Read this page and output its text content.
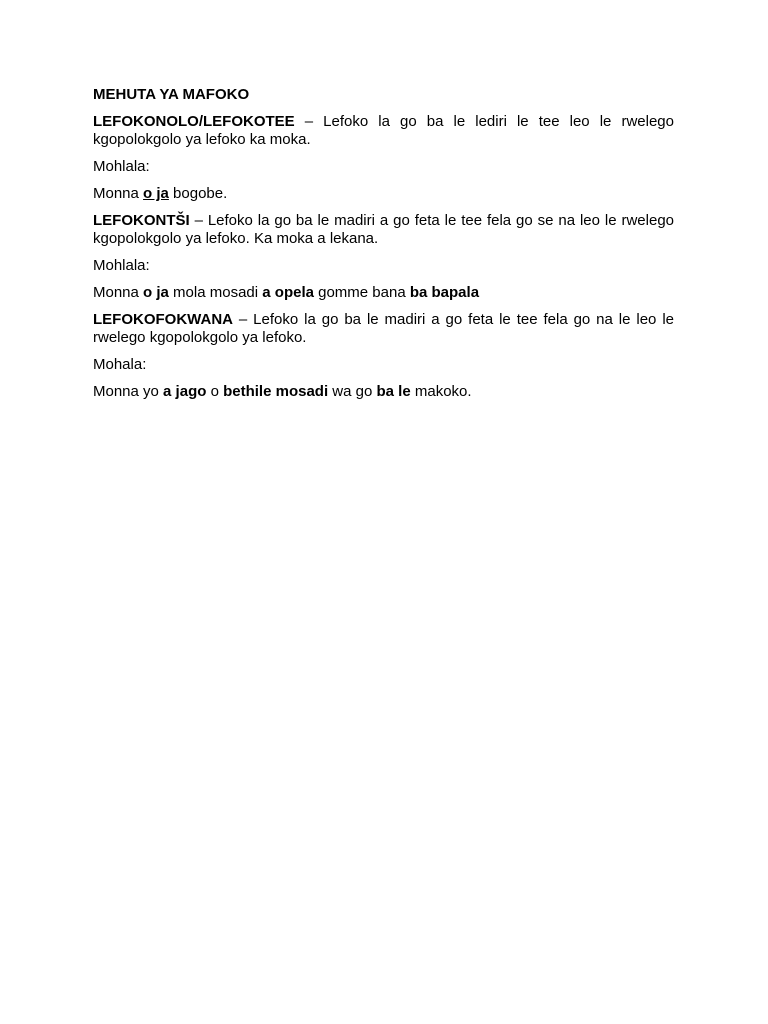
MEHUTA YA MAFOKO

LEFOKONOLO/LEFOKOTEE – Lefoko la go ba le lediri le tee leo le rwelego kgopolokgolo ya lefoko ka moka.

Mohlala:

Monna o ja bogobe.

LEFOKONTŠI – Lefoko la go ba le madiri a go feta le tee fela go se na leo le rwelego kgopolokgolo ya lefoko. Ka moka a lekana.

Mohlala:

Monna o ja mola mosadi a opela gomme bana ba bapala

LEFOKOFOKWANA – Lefoko la go ba le madiri a go feta le tee fela go na le leo le rwelego kgopolokgolo ya lefoko.

Mohala:

Monna yo a jago o bethile mosadi wa go ba le makoko.
